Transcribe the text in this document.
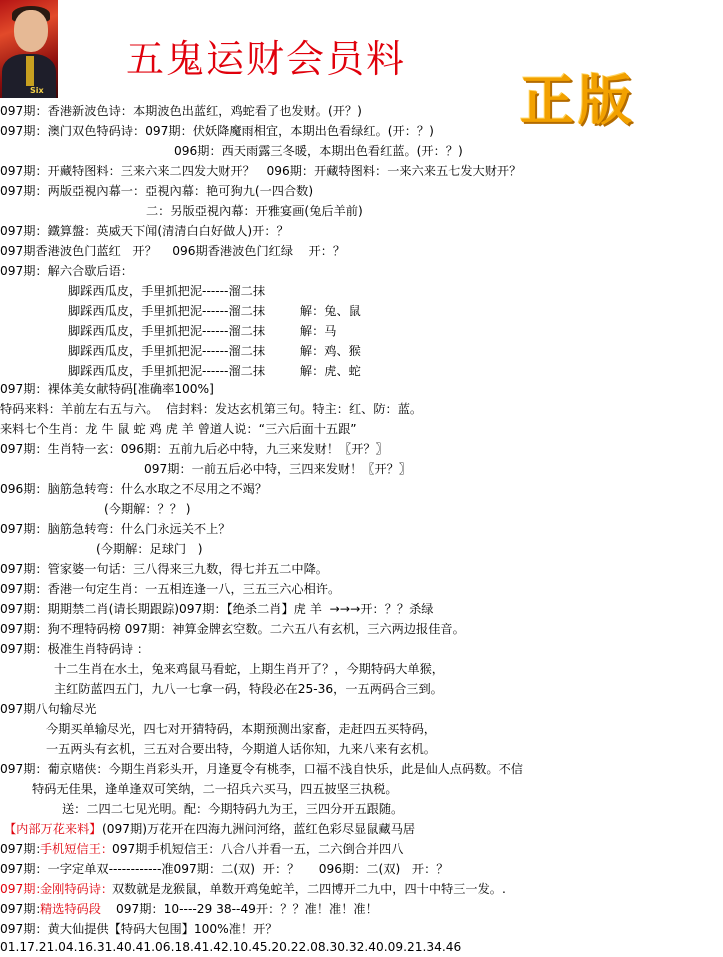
Six
五鬼运财会员料
正版
097期：香港新波色诗：本期波色出蓝红，鸡蛇看了也发财。(开？)
097期：澳门双色特码诗：097期：伏妖降魔雨相宜，本期出色看绿红。(开：？)
096期：西天雨露三冬暖，本期出色看红蓝。(开：？)
097期：开藏特图料：三来六来二四发大财开？   096期：开藏特图料：一来六来五七发大财开？
097期：两版亞視內幕一：亞視內幕：艳可狗九(一四合数)
二：另版亞視內幕：开雅宴画(兔后羊前)
097期：鐵算盤：英威天下闻(清清白白好做人)开：？
097期香港波色门蓝红   开？    096期香港波色门红绿    开：？
097期：解六合歇后语：
脚踩西瓜皮，手里抓把泥------溜二抹
脚踩西瓜皮，手里抓把泥------溜二抹         解：兔、鼠
脚踩西瓜皮，手里抓把泥------溜二抹         解：马
脚踩西瓜皮，手里抓把泥------溜二抹         解：鸡、猴
脚踩西瓜皮，手里抓把泥------溜二抹         解：虎、蛇
097期：裸体美女献特码[准确率100%]
特码来料：羊前左右五与六。  信封料：发达玄机第三句。特主：红、防：蓝。
来料七个生肖：龙 牛 鼠 蛇 鸡 虎 羊 曾道人说：“三六后面十五跟”
097期：生肖特一玄：096期：五前九后必中特，九三来发财！〖开？〗
097期：一前五后必中特，三四来发财！〖开？〗
096期：脑筋急转弯：什么水取之不尽用之不竭？
(今期解：？？ )
097期：脑筋急转弯：什么门永远关不上？
(今期解：足球门   )
097期：管家婆一句话：三八得来三九数，得七并五二中降。
097期：香港一句定生肖：一五相连逢一八，三五三六心相许。
097期：期期禁二肖(请长期跟踪)097期：【绝杀二肖】虎 羊  →→→开：？？杀绿
097期：狗不理特码榜 097期：神算金牌玄空数。二六五八有玄机，三六两边报佳音。
097期：极准生肖特码诗 ：
十二生肖在水土，兔来鸡鼠马看蛇，上期生肖开了？，今期特码大单猴，
主红防蓝四五门，九八一七拿一码，特段必在25-36，一五两码合三到。
097期八句输尽光
今期买单输尽光，四七对开猜特码，本期预测出家畜，走赶四五买特码，
一五两头有玄机，三五对合要出特，今期道人话你知，九来八来有玄机。
097期：葡京赌侠：今期生肖彩头开，月逢夏令有桃李，口福不浅自快乐，此是仙人点码数。不信
特码无佳果，逢单逢双可笑纳，二一招兵六买马，四五披坚三执税。
送：二四二七见光明。配：今期特码九为王，三四分开五跟随。
【内部万花来料】 (097期)万花开在四海九洲问河络，蓝红色彩尽显鼠藏马居
097期：
手机短信王：
097期手机短信王：八合八并看一五，二六倒合并四八
097期：一字定单双------------准097期：二(双)  开：？     096期：二(双)   开：？
097期：
金刚特码诗：
双数就是龙猴鼠，单数开鸡兔蛇羊，二四博开二九中，四十中特三一发。.
097期：
精选特码段 097期：10----29 38--49开：？？准！准！准！
097期：黄大仙提供【特码大包围】100%准！开？
01.17.21.04.16.31.40.41.06.18.41.42.10.45.20.22.08.30.32.40.09.21.34.46
